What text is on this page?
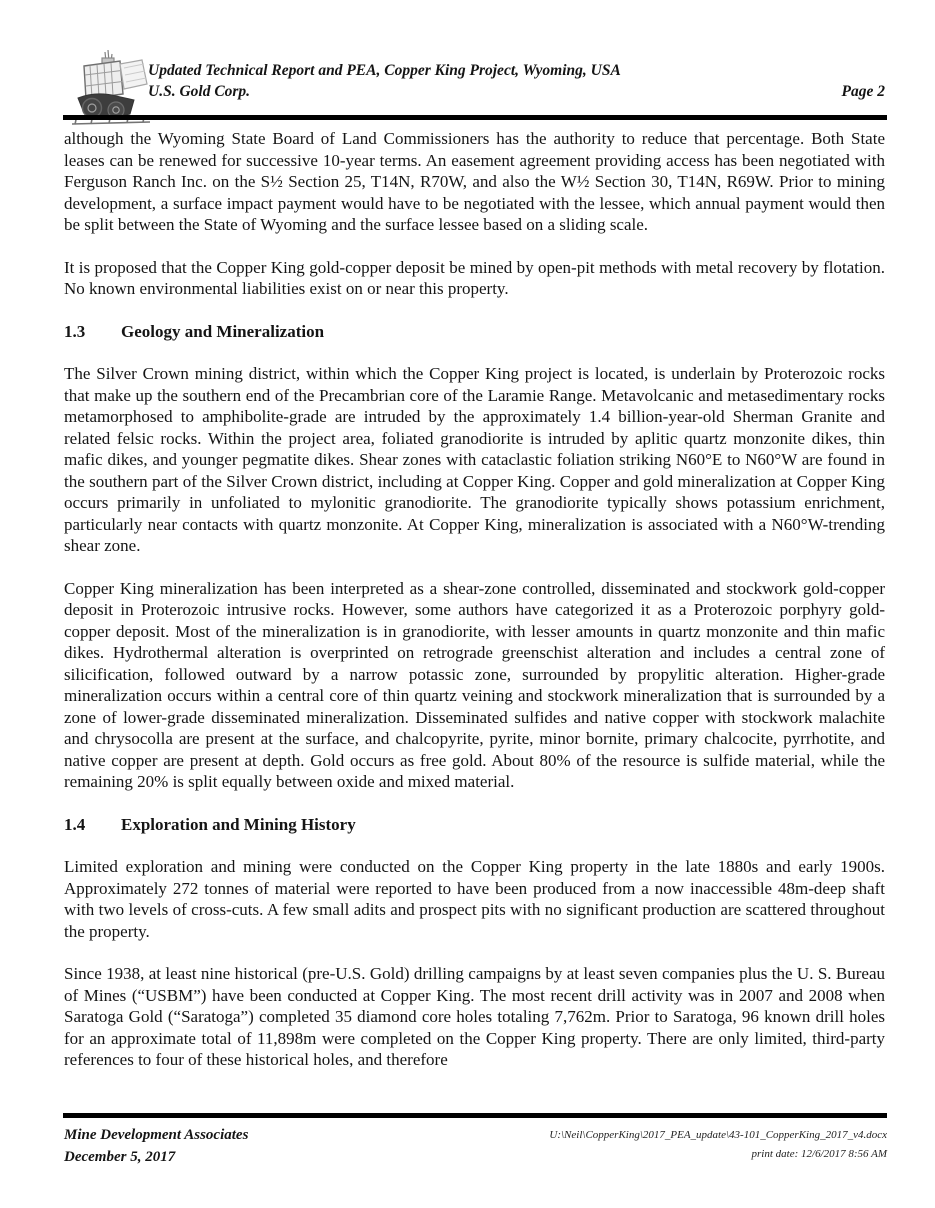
Updated Technical Report and PEA, Copper King Project, Wyoming, USA
U.S. Gold Corp.	Page 2

although the Wyoming State Board of Land Commissioners has the authority to reduce that percentage. Both State leases can be renewed for successive 10-year terms. An easement agreement providing access has been negotiated with Ferguson Ranch Inc. on the S½ Section 25, T14N, R70W, and also the W½ Section 30, T14N, R69W. Prior to mining development, a surface impact payment would have to be negotiated with the lessee, which annual payment would then be split between the State of Wyoming and the surface lessee based on a sliding scale.

It is proposed that the Copper King gold-copper deposit be mined by open-pit methods with metal recovery by flotation. No known environmental liabilities exist on or near this property.

1.3 Geology and Mineralization

The Silver Crown mining district, within which the Copper King project is located, is underlain by Proterozoic rocks that make up the southern end of the Precambrian core of the Laramie Range. Metavolcanic and metasedimentary rocks metamorphosed to amphibolite-grade are intruded by the approximately 1.4 billion-year-old Sherman Granite and related felsic rocks. Within the project area, foliated granodiorite is intruded by aplitic quartz monzonite dikes, thin mafic dikes, and younger pegmatite dikes. Shear zones with cataclastic foliation striking N60°E to N60°W are found in the southern part of the Silver Crown district, including at Copper King. Copper and gold mineralization at Copper King occurs primarily in unfoliated to mylonitic granodiorite. The granodiorite typically shows potassium enrichment, particularly near contacts with quartz monzonite. At Copper King, mineralization is associated with a N60°W-trending shear zone.

Copper King mineralization has been interpreted as a shear-zone controlled, disseminated and stockwork gold-copper deposit in Proterozoic intrusive rocks. However, some authors have categorized it as a Proterozoic porphyry gold-copper deposit. Most of the mineralization is in granodiorite, with lesser amounts in quartz monzonite and thin mafic dikes. Hydrothermal alteration is overprinted on retrograde greenschist alteration and includes a central zone of silicification, followed outward by a narrow potassic zone, surrounded by propylitic alteration. Higher-grade mineralization occurs within a central core of thin quartz veining and stockwork mineralization that is surrounded by a zone of lower-grade disseminated mineralization. Disseminated sulfides and native copper with stockwork malachite and chrysocolla are present at the surface, and chalcopyrite, pyrite, minor bornite, primary chalcocite, pyrrhotite, and native copper are present at depth. Gold occurs as free gold. About 80% of the resource is sulfide material, while the remaining 20% is split equally between oxide and mixed material.

1.4 Exploration and Mining History

Limited exploration and mining were conducted on the Copper King property in the late 1880s and early 1900s. Approximately 272 tonnes of material were reported to have been produced from a now inaccessible 48m-deep shaft with two levels of cross-cuts. A few small adits and prospect pits with no significant production are scattered throughout the property.

Since 1938, at least nine historical (pre-U.S. Gold) drilling campaigns by at least seven companies plus the U. S. Bureau of Mines (“USBM”) have been conducted at Copper King. The most recent drill activity was in 2007 and 2008 when Saratoga Gold (“Saratoga”) completed 35 diamond core holes totaling 7,762m. Prior to Saratoga, 96 known drill holes for an approximate total of 11,898m were completed on the Copper King property. There are only limited, third-party references to four of these historical holes, and therefore

Mine Development Associates
December 5, 2017
U:\Neil\CopperKing\2017_PEA_update\43-101_CopperKing_2017_v4.docx
print date: 12/6/2017 8:56 AM
